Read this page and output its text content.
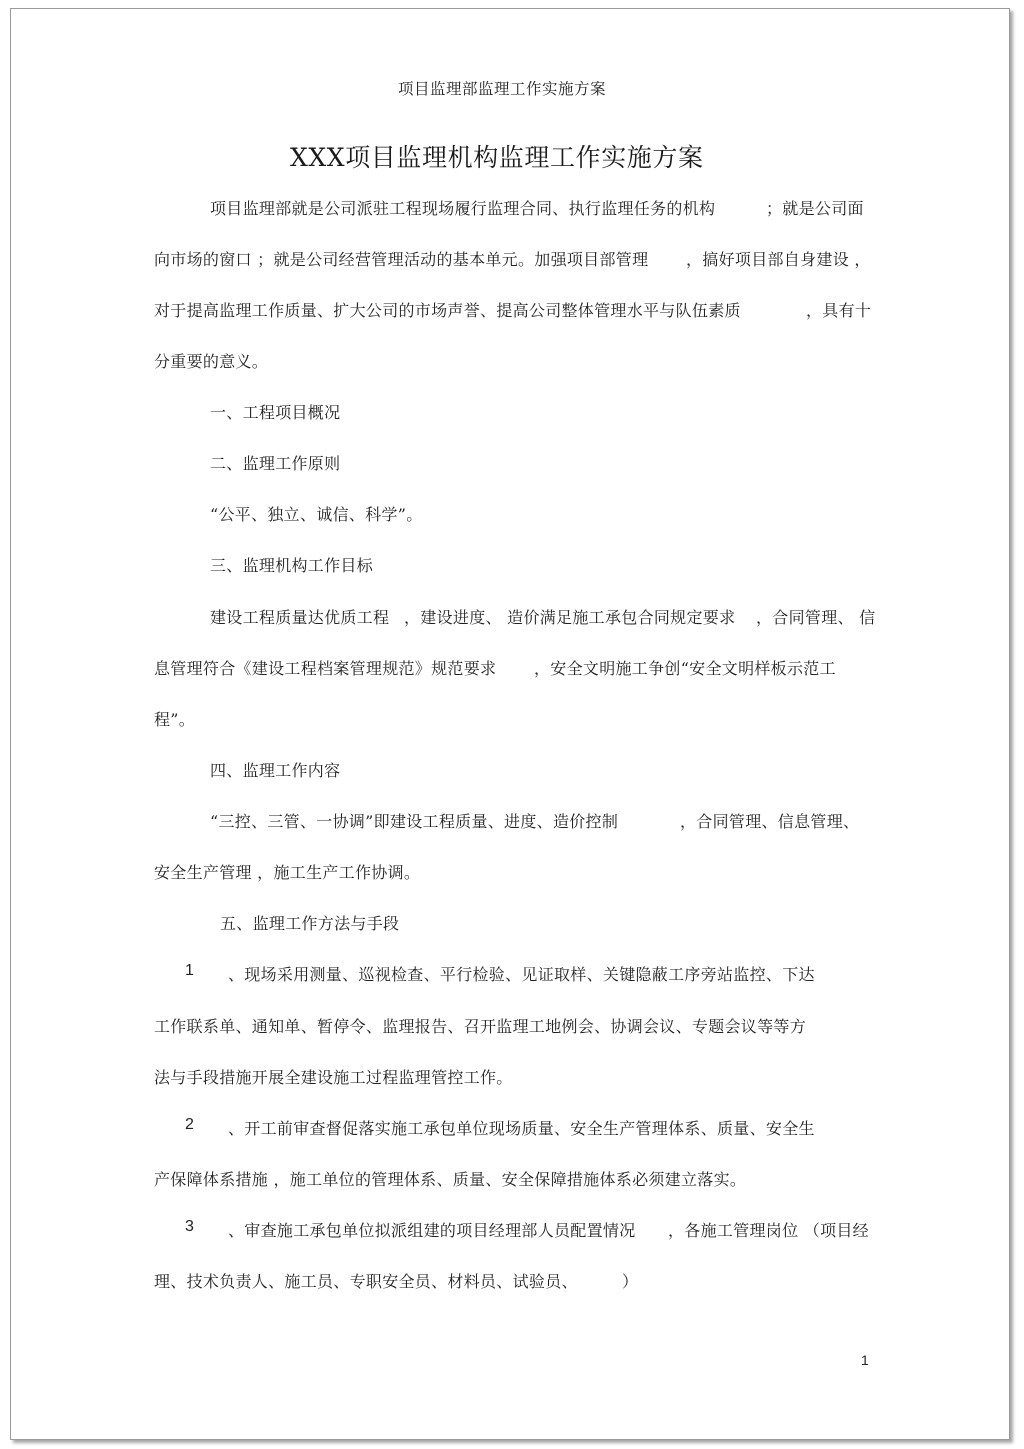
项目监理部监理工作实施方案
XXX项目监理机构监理工作实施方案
项目监理部就是公司派驻工程现场履行监理合同、执行监理任务的机构	；就是公司面
向市场的窗口 ；就是公司经营管理活动的基本单元。加强项目部管理 ，搞好项目部自身建设 ，
对于提高监理工作质量、扩大公司的市场声誉、提高公司整体管理水平与队伍素质	，具有十
分重要的意义。
一、工程项目概况
二、监理工作原则
“公平、独立、诚信、科学”。
三、监理机构工作目标
建设工程质量达优质工程 ，建设进度、 造价满足施工承包合同规定要求 ，合同管理、 信
息管理符合《建设工程档案管理规范》规范要求 ，安全文明施工争创“安全文明样板示范工
程”。
四、监理工作内容
“三控、三管、一协调”即建设工程质量、进度、造价控制	，合同管理、信息管理、
安全生产管理 ，施工生产工作协调。
五、监理工作方法与手段
1 、现场采用测量、巡视检查、平行检验、见证取样、关键隐蔽工序旁站监控、下达
工作联系单、通知单、暂停令、监理报告、召开监理工地例会、协调会议、专题会议等等方
法与手段措施开展全建设施工过程监理管控工作。
2 、开工前审查督促落实施工承包单位现场质量、安全生产管理体系、质量、安全生
产保障体系措施 ，施工单位的管理体系、质量、安全保障措施体系必须建立落实。
3 、审查施工承包单位拟派组建的项目经理部人员配置情况 ，各施工管理岗位 （项目经
理、技术负责人、施工员、专职安全员、材料员、试验员、	）
1
